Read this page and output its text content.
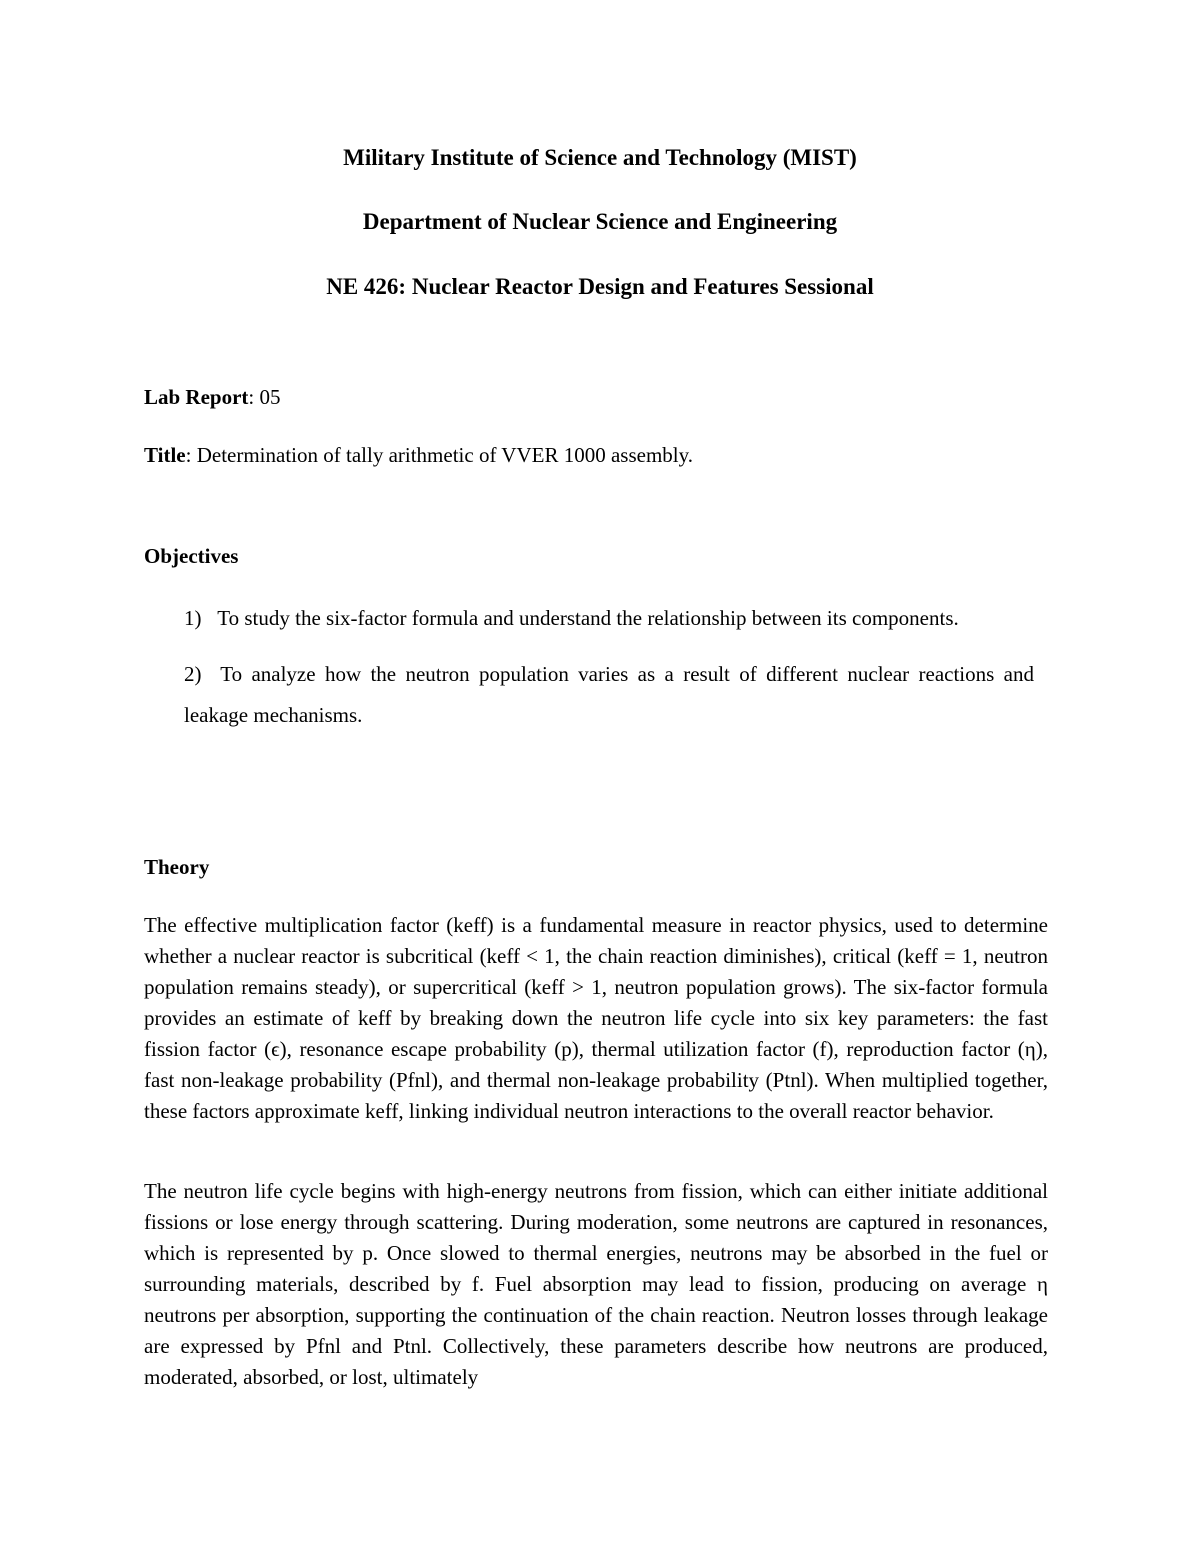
Military Institute of Science and Technology (MIST)

Department of Nuclear Science and Engineering

NE 426: Nuclear Reactor Design and Features Sessional

Lab Report: 05

Title: Determination of tally arithmetic of VVER 1000 assembly.

Objectives

1) To study the six-factor formula and understand the relationship between its components.
2) To analyze how the neutron population varies as a result of different nuclear reactions and leakage mechanisms.

Theory

The effective multiplication factor (keff) is a fundamental measure in reactor physics, used to determine whether a nuclear reactor is subcritical (keff < 1, the chain reaction diminishes), critical (keff = 1, neutron population remains steady), or supercritical (keff > 1, neutron population grows). The six-factor formula provides an estimate of keff by breaking down the neutron life cycle into six key parameters: the fast fission factor (ϵ), resonance escape probability (p), thermal utilization factor (f), reproduction factor (η), fast non-leakage probability (Pfnl), and thermal non-leakage probability (Ptnl). When multiplied together, these factors approximate keff, linking individual neutron interactions to the overall reactor behavior.

The neutron life cycle begins with high-energy neutrons from fission, which can either initiate additional fissions or lose energy through scattering. During moderation, some neutrons are captured in resonances, which is represented by p. Once slowed to thermal energies, neutrons may be absorbed in the fuel or surrounding materials, described by f. Fuel absorption may lead to fission, producing on average η neutrons per absorption, supporting the continuation of the chain reaction. Neutron losses through leakage are expressed by Pfnl and Ptnl. Collectively, these parameters describe how neutrons are produced, moderated, absorbed, or lost, ultimately
